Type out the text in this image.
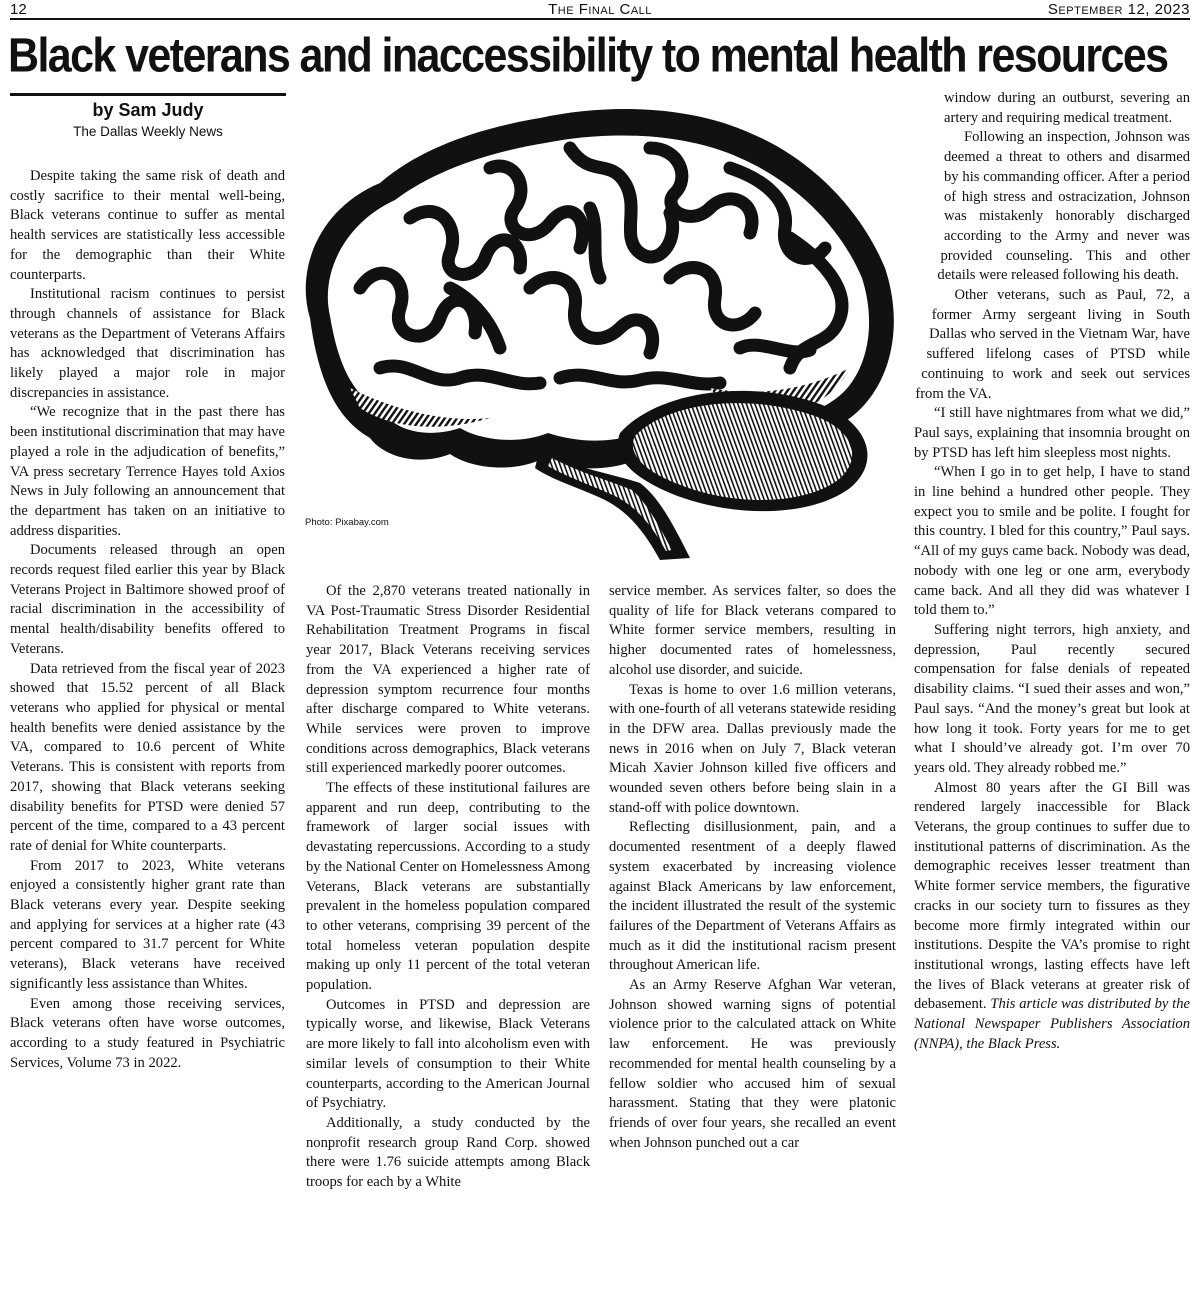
12	The Final Call	September 12, 2023
Black veterans and inaccessibility to mental health resources
by Sam Judy
The Dallas Weekly News
Photo: Pixabay.com

Despite taking the same risk of death and costly sacrifice to their mental well-being, Black veterans continue to suffer as mental health services are statistically less accessible for the demographic than their White counterparts.

Institutional racism continues to persist through channels of assistance for Black veterans as the Department of Veterans Affairs has acknowledged that discrimination has likely played a major role in major discrepancies in assistance.

“We recognize that in the past there has been institutional discrimination that may have played a role in the adjudication of benefits,” VA press secretary Terrence Hayes told Axios News in July following an announcement that the department has taken on an initiative to address disparities.

Documents released through an open records request filed earlier this year by Black Veterans Project in Baltimore showed proof of racial discrimination in the accessibility of mental health/disability benefits offered to Veterans.

Data retrieved from the fiscal year of 2023 showed that 15.52 percent of all Black veterans who applied for physical or mental health benefits were denied assistance by the VA, compared to 10.6 percent of White Veterans. This is consistent with reports from 2017, showing that Black veterans seeking disability benefits for PTSD were denied 57 percent of the time, compared to a 43 percent rate of denial for White counterparts.

From 2017 to 2023, White veterans enjoyed a consistently higher grant rate than Black veterans every year. Despite seeking and applying for services at a higher rate (43 percent compared to 31.7 percent for White veterans), Black veterans have received significantly less assistance than Whites.

Even among those receiving services, Black veterans often have worse outcomes, according to a study featured in Psychiatric Services, Volume 73 in 2022.

Of the 2,870 veterans treated nationally in VA Post-Traumatic Stress Disorder Residential Rehabilitation Treatment Programs in fiscal year 2017, Black Veterans receiving services from the VA experienced a higher rate of depression symptom recurrence four months after discharge compared to White veterans. While services were proven to improve conditions across demographics, Black veterans still experienced markedly poorer outcomes.

The effects of these institutional failures are apparent and run deep, contributing to the framework of larger social issues with devastating repercussions. According to a study by the National Center on Homelessness Among Veterans, Black veterans are substantially prevalent in the homeless population compared to other veterans, comprising 39 percent of the total homeless veteran population despite making up only 11 percent of the total veteran population.

Outcomes in PTSD and depression are typically worse, and likewise, Black Veterans are more likely to fall into alcoholism even with similar levels of consumption to their White counterparts, according to the American Journal of Psychiatry.

Additionally, a study conducted by the nonprofit research group Rand Corp. showed there were 1.76 suicide attempts among Black troops for each by a White

service member. As services falter, so does the quality of life for Black veterans compared to White former service members, resulting in higher documented rates of homelessness, alcohol use disorder, and suicide.

Texas is home to over 1.6 million veterans, with one-fourth of all veterans statewide residing in the DFW area. Dallas previously made the news in 2016 when on July 7, Black veteran Micah Xavier Johnson killed five officers and wounded seven others before being slain in a stand-off with police downtown.

Reflecting disillusionment, pain, and a documented resentment of a deeply flawed system exacerbated by increasing violence against Black Americans by law enforcement, the incident illustrated the result of the systemic failures of the Department of Veterans Affairs as much as it did the institutional racism present throughout American life.

As an Army Reserve Afghan War veteran, Johnson showed warning signs of potential violence prior to the calculated attack on White law enforcement. He was previously recommended for mental health counseling by a fellow soldier who accused him of sexual harassment. Stating that they were platonic friends of over four years, she recalled an event when Johnson punched out a car

window during an outburst, severing an artery and requiring medical treatment.

Following an inspection, Johnson was deemed a threat to others and disarmed by his commanding officer. After a period of high stress and ostracization, Johnson was mistakenly honorably discharged according to the Army and never was provided counseling. This and other details were released following his death.

Other veterans, such as Paul, 72, a former Army sergeant living in South Dallas who served in the Vietnam War, have suffered lifelong cases of PTSD while continuing to work and seek out services from the VA.

“I still have nightmares from what we did,” Paul says, explaining that insomnia brought on by PTSD has left him sleepless most nights.

“When I go in to get help, I have to stand in line behind a hundred other people. They expect you to smile and be polite. I fought for this country. I bled for this country,” Paul says. “All of my guys came back. Nobody was dead, nobody with one leg or one arm, everybody came back. And all they did was whatever I told them to.”

Suffering night terrors, high anxiety, and depression, Paul recently secured compensation for false denials of repeated disability claims. “I sued their asses and won,” Paul says. “And the money’s great but look at how long it took. Forty years for me to get what I should’ve already got. I’m over 70 years old. They already robbed me.”

Almost 80 years after the GI Bill was rendered largely inaccessible for Black Veterans, the group continues to suffer due to institutional patterns of discrimination. As the demographic receives lesser treatment than White former service members, the figurative cracks in our society turn to fissures as they become more firmly integrated within our institutions. Despite the VA’s promise to right institutional wrongs, lasting effects have left the lives of Black veterans at greater risk of debasement. This article was distributed by the National Newspaper Publishers Association (NNPA), the Black Press.
